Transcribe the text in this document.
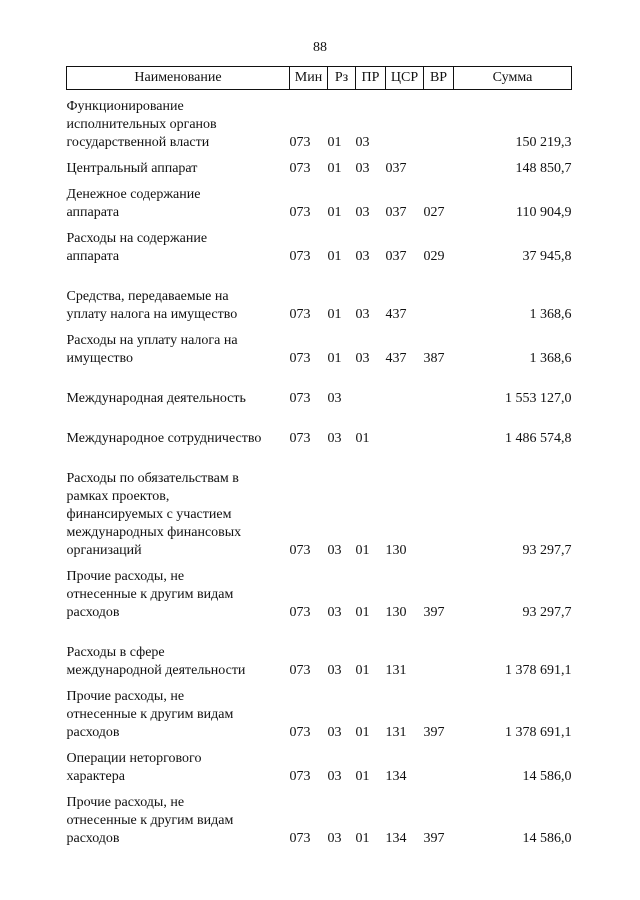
88
Наименование	Мин	Рз	ПР	ЦСР	ВР	Сумма

Функционирование
исполнительных органов
государственной власти	073	01	03			150 219,3

Центральный аппарат	073	01	03	037		148 850,7

Денежное содержание
аппарата	073	01	03	037	027	110 904,9

Расходы на содержание
аппарата	073	01	03	037	029	37 945,8

Средства, передаваемые на
уплату налога на имущество	073	01	03	437		1 368,6

Расходы на уплату налога на
имущество	073	01	03	437	387	1 368,6

Международная деятельность	073	03				1 553 127,0

Международное сотрудничество	073	03	01			1 486 574,8

Расходы по обязательствам в
рамках проектов,
финансируемых с участием
международных финансовых
организаций	073	03	01	130		93 297,7

Прочие расходы, не
отнесенные к другим видам
расходов	073	03	01	130	397	93 297,7

Расходы в сфере
международной деятельности	073	03	01	131		1 378 691,1

Прочие расходы, не
отнесенные к другим видам
расходов	073	03	01	131	397	1 378 691,1

Операции неторгового
характера	073	03	01	134		14 586,0

Прочие расходы, не
отнесенные к другим видам
расходов	073	03	01	134	397	14 586,0
